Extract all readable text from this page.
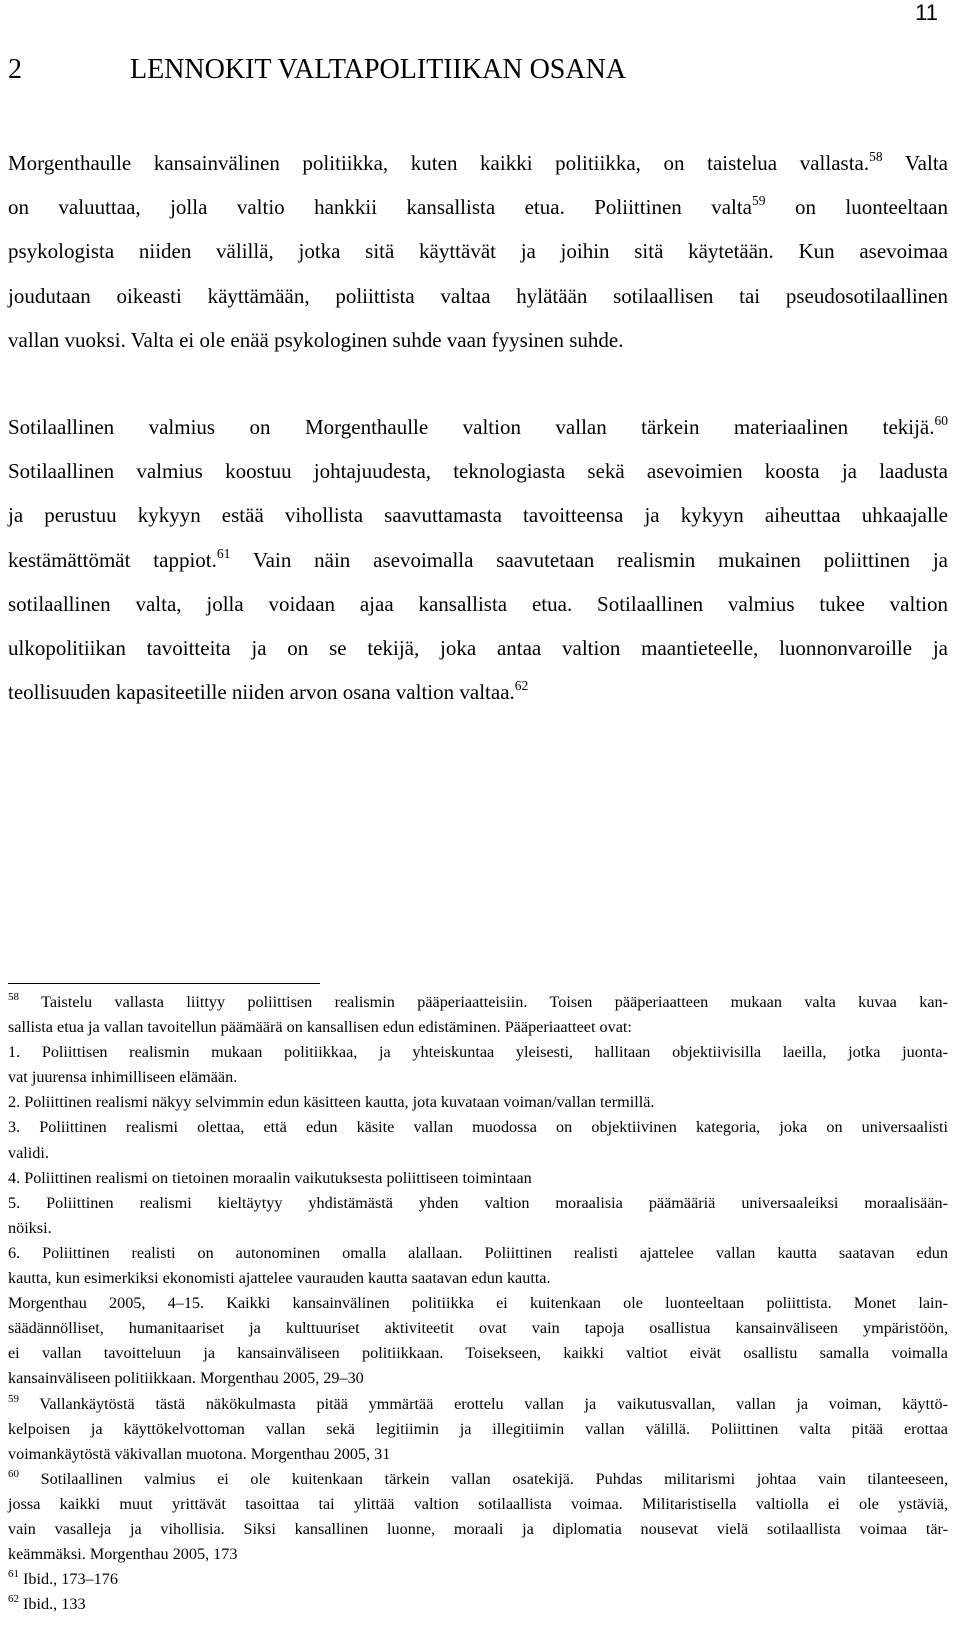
11
2	LENNOKIT VALTAPOLITIIKAN OSANA
Morgenthaulle kansainvälinen politiikka, kuten kaikki politiikka, on taistelua vallasta.$^{58}$ Valta
on valuuttaa, jolla valtio hankkii kansallista etua. Poliittinen valta$^{59}$ on luonteeltaan
psykologista niiden välillä, jotka sitä käyttävät ja joihin sitä käytetään. Kun asevoimaa
joudutaan oikeasti käyttämään, poliittista valtaa hylätään sotilaallisen tai pseudosotilaallinen
vallan vuoksi. Valta ei ole enää psykologinen suhde vaan fyysinen suhde.
Sotilaallinen valmius on Morgenthaulle valtion vallan tärkein materiaalinen tekijä.$^{60}$
Sotilaallinen valmius koostuu johtajuudesta, teknologiasta sekä asevoimien koosta ja laadusta
ja perustuu kykyyn estää vihollista saavuttamasta tavoitteensa ja kykyyn aiheuttaa uhkaajalle
kestämättömät tappiot.$^{61}$ Vain näin asevoimalla saavutetaan realismin mukainen poliittinen ja
sotilaallinen valta, jolla voidaan ajaa kansallista etua. Sotilaallinen valmius tukee valtion
ulkopolitiikan tavoitteita ja on se tekijä, joka antaa valtion maantieteelle, luonnonvaroille ja
teollisuuden kapasiteetille niiden arvon osana valtion valtaa.$^{62}$
$^{58}$ Taistelu vallasta liittyy poliittisen realismin pääperiaatteisiin. Toisen pääperiaatteen mukaan valta kuvaa kan-
sallista etua ja vallan tavoitellun päämäärä on kansallisen edun edistäminen. Pääperiaatteet ovat:
1. Poliittisen realismin mukaan politiikkaa, ja yhteiskuntaa yleisesti, hallitaan objektiivisilla laeilla, jotka juonta-
vat juurensa inhimilliseen elämään.
2. Poliittinen realismi näkyy selvimmin edun käsitteen kautta, jota kuvataan voiman/vallan termillä.
3. Poliittinen realismi olettaa, että edun käsite vallan muodossa on objektiivinen kategoria, joka on universaalisti
validi.
4. Poliittinen realismi on tietoinen moraalin vaikutuksesta poliittiseen toimintaan
5. Poliittinen realismi kieltäytyy yhdistämästä yhden valtion moraalisia päämääriä universaaleiksi moraalisään-
nöiksi.
6. Poliittinen realisti on autonominen omalla alallaan. Poliittinen realisti ajattelee vallan kautta saatavan edun
kautta, kun esimerkiksi ekonomisti ajattelee vaurauden kautta saatavan edun kautta.
Morgenthau 2005, 4–15. Kaikki kansainvälinen politiikka ei kuitenkaan ole luonteeltaan poliittista. Monet lain-
säädännölliset, humanitaariset ja kulttuuriset aktiviteetit ovat vain tapoja osallistua kansainväliseen ympäristöön,
ei vallan tavoitteluun ja kansainväliseen politiikkaan. Toisekseen, kaikki valtiot eivät osallistu samalla voimalla
kansainväliseen politiikkaan. Morgenthau 2005, 29–30
$^{59}$ Vallankäytöstä tästä näkökulmasta pitää ymmärtää erottelu vallan ja vaikutusvallan, vallan ja voiman, käyttö-
kelpoisen ja käyttökelvottoman vallan sekä legitiimin ja illegitiimin vallan välillä. Poliittinen valta pitää erottaa
voimankäytöstä väkivallan muotona. Morgenthau 2005, 31
$^{60}$ Sotilaallinen valmius ei ole kuitenkaan tärkein vallan osatekijä. Puhdas militarismi johtaa vain tilanteeseen,
jossa kaikki muut yrittävät tasoittaa tai ylittää valtion sotilaallista voimaa. Militaristisella valtiolla ei ole ystäviä,
vain vasalleja ja vihollisia. Siksi kansallinen luonne, moraali ja diplomatia nousevat vielä sotilaallista voimaa tär-
keämmäksi. Morgenthau 2005, 173
$^{61}$ Ibid., 173–176
$^{62}$ Ibid., 133
